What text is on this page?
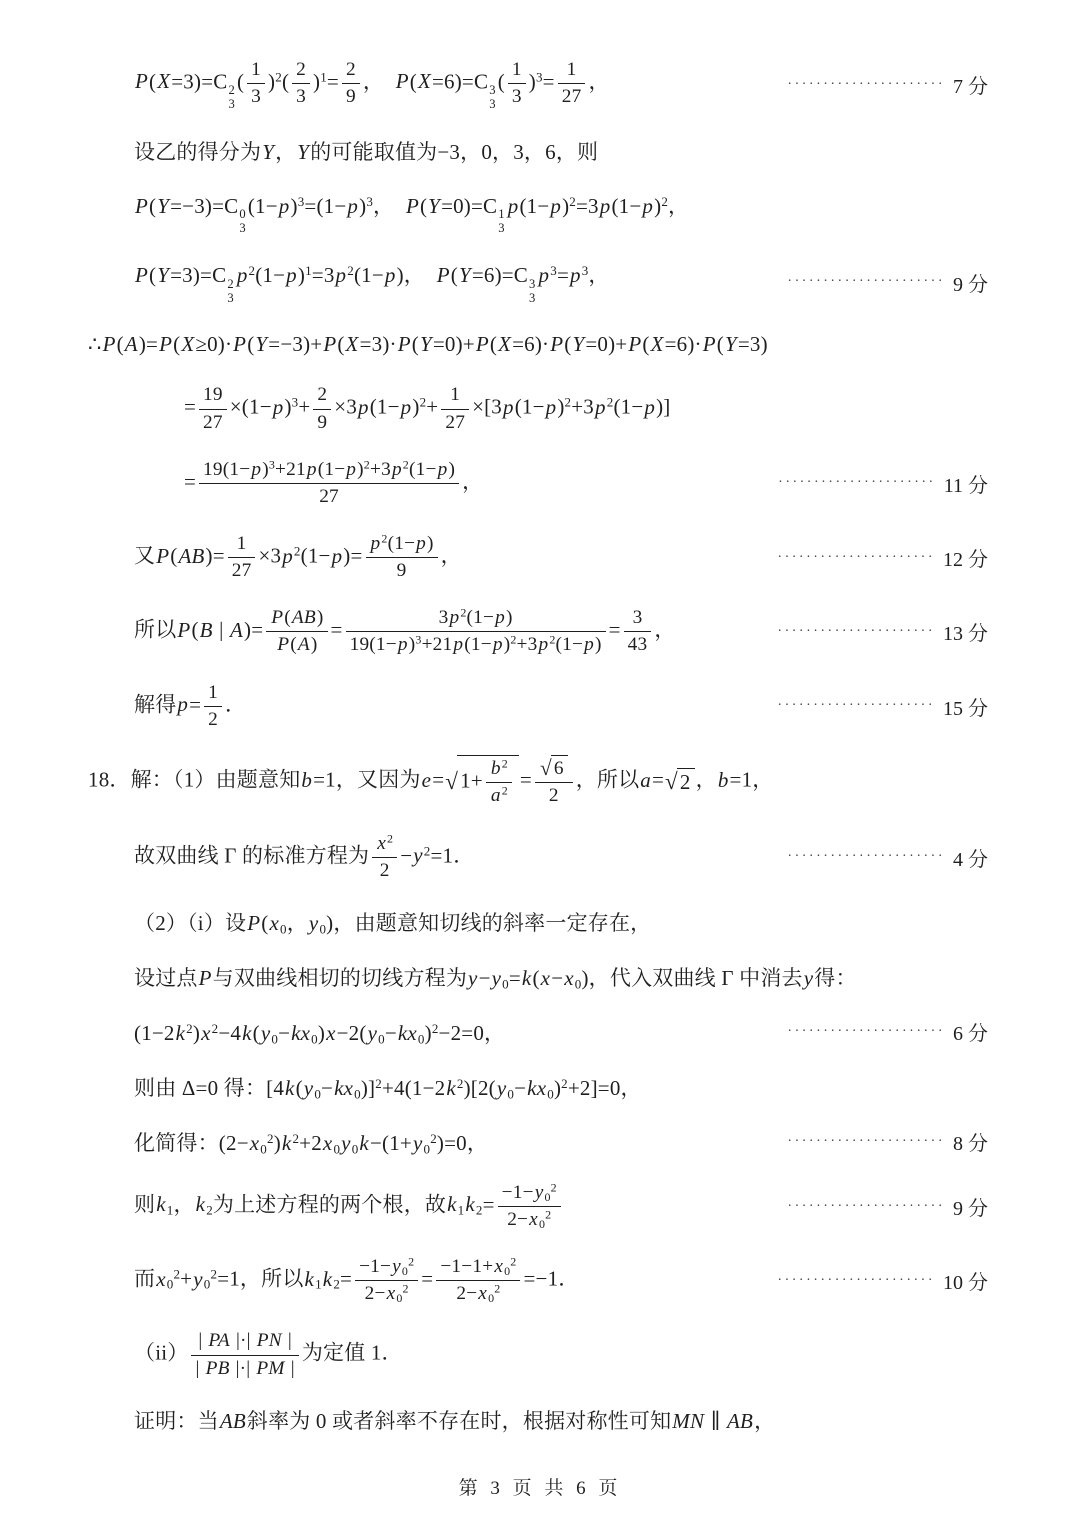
P(X=3)=C 2
3
( $\frac{1}{3} )^2( \frac{2}{3} )^1= \frac{2}{9}$ ，　P(X=6)=C 3
3
( $\frac{1}{3} )^3= \frac{1}{27}$ ，	······················ 7 分
设乙的得分为Y，Y的可能取值为−3，0，3，6，则
P(Y=−3)=C 0
3
$(1-p)^3=(1-p)^3$，　P(Y=0)=C 1
3
$p(1-p)^2=3p(1-p)^2$，
P(Y=3)=C 2
3
$p^2(1-p)^1=3p^2(1-p)$，　P(Y=6)=C 3
3
$p^3=p^3$，	······················ 9 分
∴P(A)=P(X≥0)·P(Y=−3)+P(X=3)·P(Y=0)+P(X=6)·P(Y=0)+P(X=6)·P(Y=3)
= $\frac{19}{27} \times(1-p)^3+ \frac{2}{9} \times 3p(1-p)^2+ \frac{1}{27} \times[3p(1-p)^2+3p^2(1-p)]$
= $\frac{19(1-p)^3+21p(1-p)^2+3p^2(1-p)}{27}$ ，	······················ 11 分
又$P(AB)= \frac{1}{27} \times 3p^2(1-p)= \frac{p^2(1-p)}{9}$ ，	······················ 12 分
所以P(B | $A)= \frac{P(AB)}{P(A)} = \frac{3p^2(1-p)}{19(1-p)^3+21p(1-p)^2+3p^2(1-p)} = \frac{3}{43}$ ，	······················ 13 分
解得$p= \frac{1}{2}$ ．	······················ 15 分
18．解：（1）由题意知b=1，又因为e= √ $1+ \frac{b^2}{a^2} = \frac{√ 6}{2}$ ，所以a= √ 2 ，b=1，
故双曲线 Γ 的标准方程为 $\frac{x^2}{2} -y^2=1$．	······················ 4 分
（2）（i）设$P(x_0$，$y_0$)，由题意知切线的斜率一定存在，
设过点P与双曲线相切的切线方程为$y-y_0=k(x-x_0)$，代入双曲线 Γ 中消去y得：
$(1-2k^2)x^2-4k(y_0-kx_0)x-2(y_0-kx_0)^2-2=0$，	······················ 6 分
则由 Δ=0 得：$[4k(y_0-kx_0)]^2+4(1-2k^2)[2(y_0-kx_0)^2+2]=0$，
化简得：$(2-x_0^2)k^2+2x_0y_0k-(1+y_0^2)=0$，	······················ 8 分
则$k_1$，$k_2$为上述方程的两个根，故$k_1k_2= \frac{-1-y_0^2}{2-x_0^2}$	······················ 9 分
而$x_0^2+y_0^2=1$，所以$k_1k_2= \frac{-1-y_0^2}{2-x_0^2} = \frac{-1-1+x_0^2}{2-x_0^2} =-1$．	······················ 10 分
$(ii) \frac{| PA |\cdot| PN |}{| PB |\cdot| PM |}$ 为定值 1．
证明：当AB斜率为 0 或者斜率不存在时，根据对称性可知MN ∥ AB，
第 3 页 共 6 页
